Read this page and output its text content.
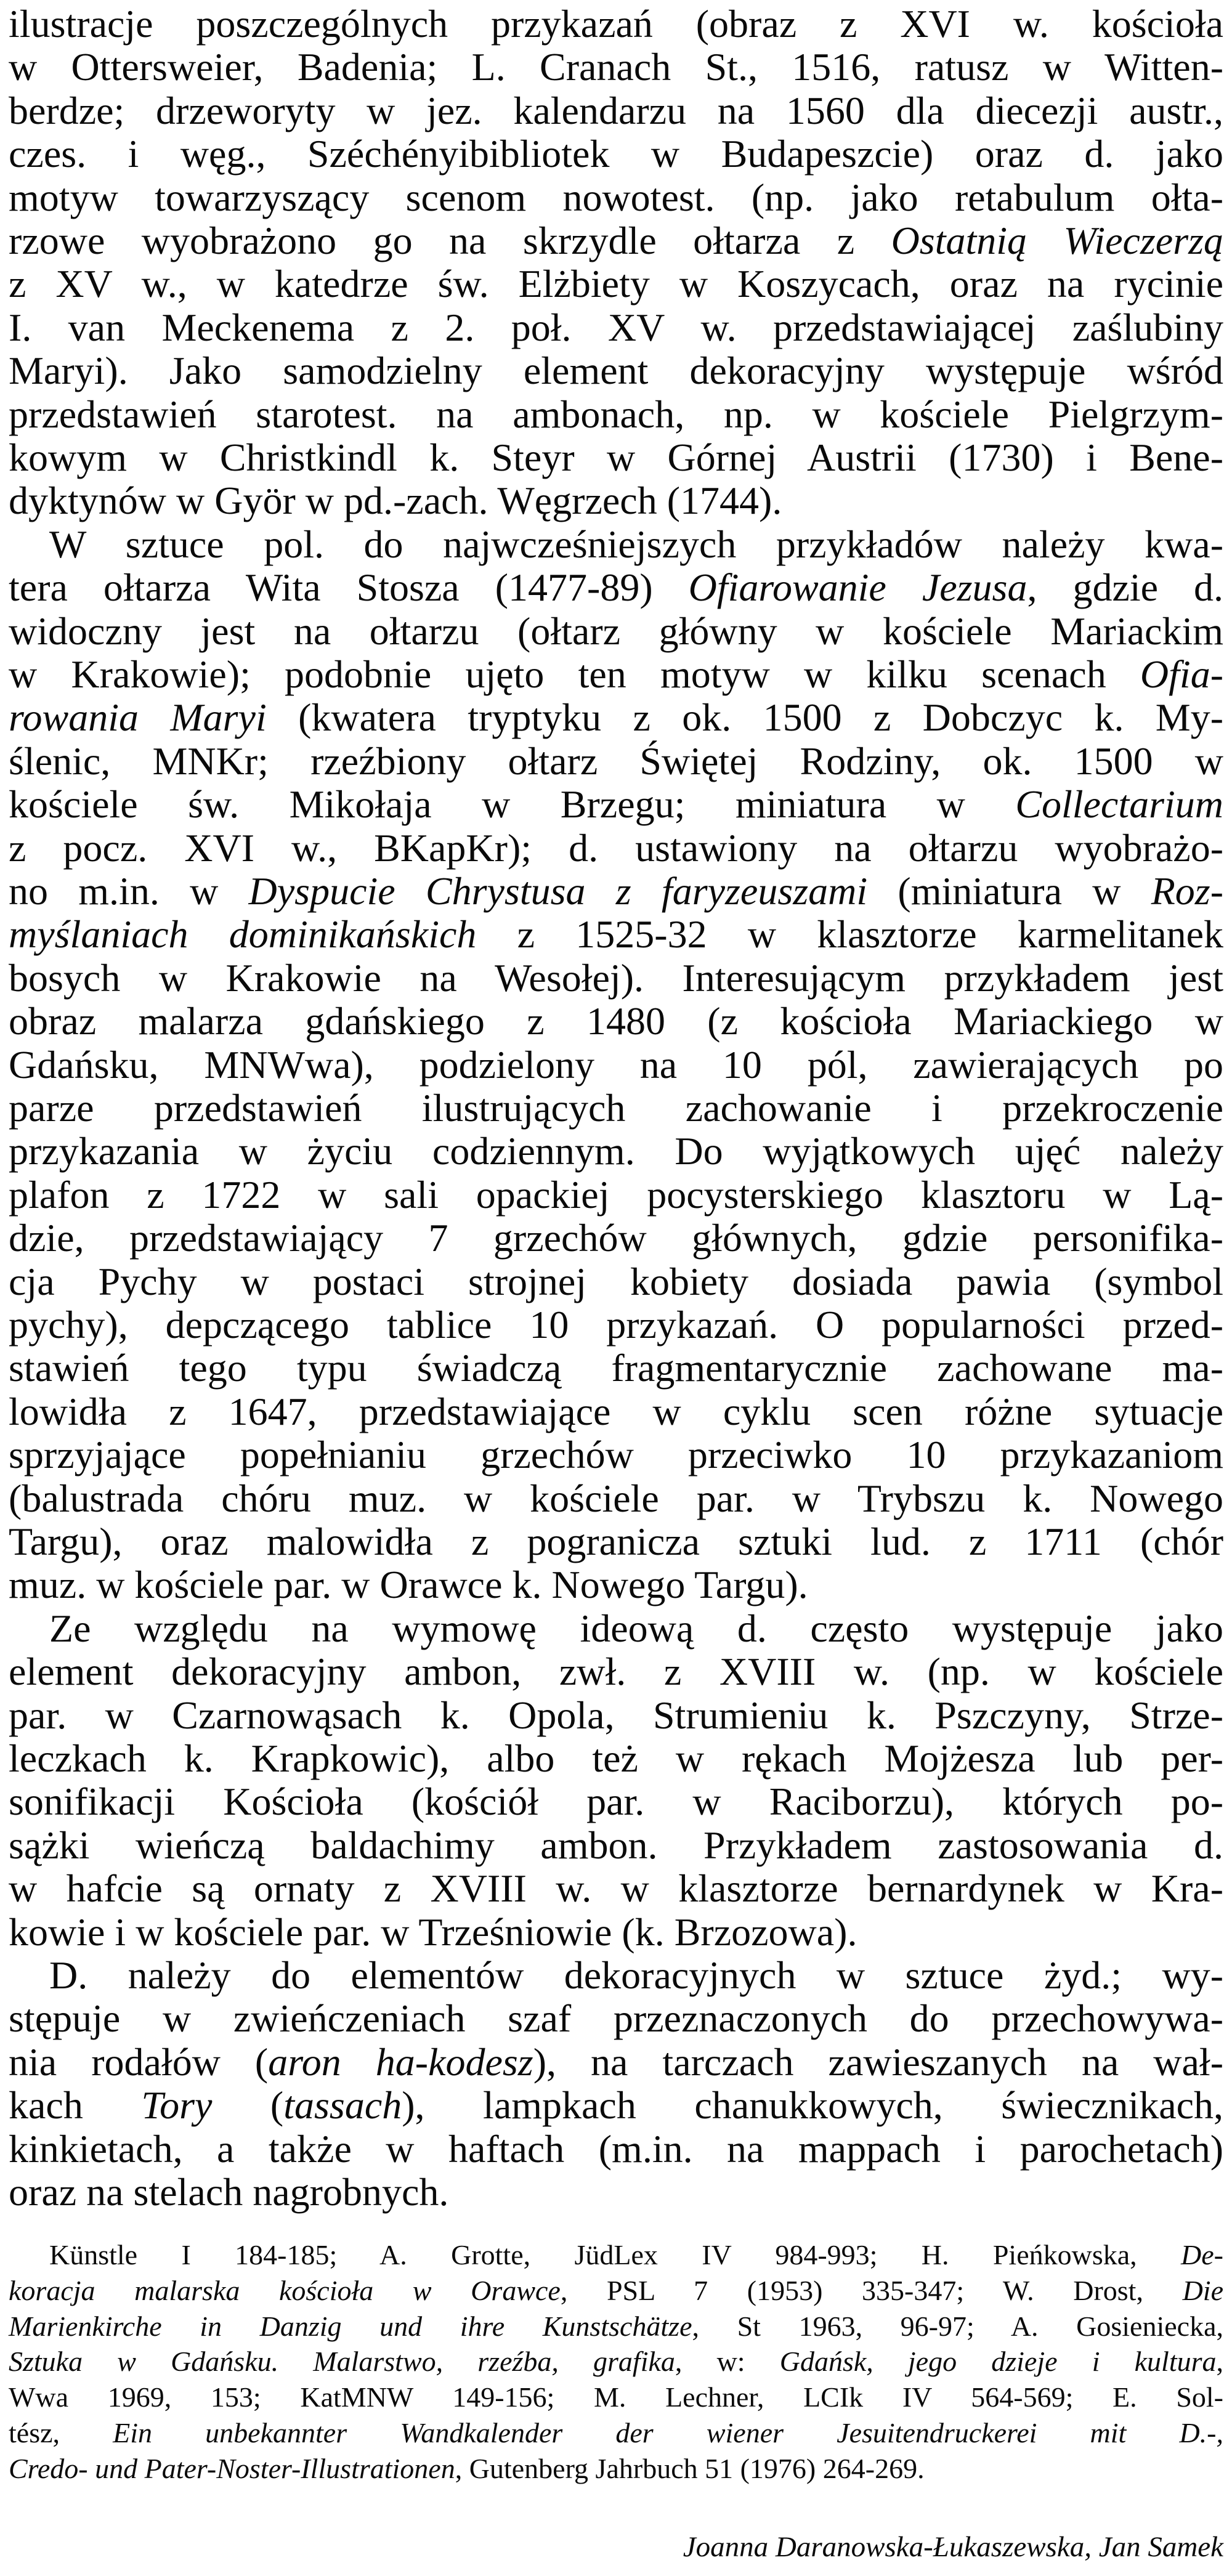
ilustracje poszczególnych przykazań (obraz z XVI w. kościoła

w Ottersweier, Badenia; L. Cranach St., 1516, ratusz w Witten-

berdze; drzeworyty w jez. kalendarzu na 1560 dla diecezji austr.,

czes. i węg., Széchényibibliotek w Budapeszcie) oraz d. jako

motyw towarzyszący scenom nowotest. (np. jako retabulum ołta-

rzowe wyobrażono go na skrzydle ołtarza z Ostatnią Wieczerzą

z XV w., w katedrze św. Elżbiety w Koszycach, oraz na rycinie

I. van Meckenema z 2. poł. XV w. przedstawiającej zaślubiny

Maryi). Jako samodzielny element dekoracyjny występuje wśród

przedstawień starotest. na ambonach, np. w kościele Pielgrzym-

kowym w Christkindl k. Steyr w Górnej Austrii (1730) i Bene-

dyktynów w Györ w pd.-zach. Węgrzech (1744).

W sztuce pol. do najwcześniejszych przykładów należy kwa-

tera ołtarza Wita Stosza (1477-89) Ofiarowanie Jezusa, gdzie d.

widoczny jest na ołtarzu (ołtarz główny w kościele Mariackim

w Krakowie); podobnie ujęto ten motyw w kilku scenach Ofia-

rowania Maryi (kwatera tryptyku z ok. 1500 z Dobczyc k. My-

ślenic, MNKr; rzeźbiony ołtarz Świętej Rodziny, ok. 1500 w

kościele św. Mikołaja w Brzegu; miniatura w Collectarium

z pocz. XVI w., BKapKr); d. ustawiony na ołtarzu wyobrażo-

no m.in. w Dyspucie Chrystusa z faryzeuszami (miniatura w Roz-

myślaniach dominikańskich z 1525-32 w klasztorze karmelitanek

bosych w Krakowie na Wesołej). Interesującym przykładem jest

obraz malarza gdańskiego z 1480 (z kościoła Mariackiego w

Gdańsku, MNWwa), podzielony na 10 pól, zawierających po

parze przedstawień ilustrujących zachowanie i przekroczenie

przykazania w życiu codziennym. Do wyjątkowych ujęć należy

plafon z 1722 w sali opackiej pocysterskiego klasztoru w Lą-

dzie, przedstawiający 7 grzechów głównych, gdzie personifika-

cja Pychy w postaci strojnej kobiety dosiada pawia (symbol

pychy), depczącego tablice 10 przykazań. O popularności przed-

stawień tego typu świadczą fragmentarycznie zachowane ma-

lowidła z 1647, przedstawiające w cyklu scen różne sytuacje

sprzyjające popełnianiu grzechów przeciwko 10 przykazaniom

(balustrada chóru muz. w kościele par. w Trybszu k. Nowego

Targu), oraz malowidła z pogranicza sztuki lud. z 1711 (chór

muz. w kościele par. w Orawce k. Nowego Targu).

Ze względu na wymowę ideową d. często występuje jako

element dekoracyjny ambon, zwł. z XVIII w. (np. w kościele

par. w Czarnowąsach k. Opola, Strumieniu k. Pszczyny, Strze-

leczkach k. Krapkowic), albo też w rękach Mojżesza lub per-

sonifikacji Kościoła (kościół par. w Raciborzu), których po-

sążki wieńczą baldachimy ambon. Przykładem zastosowania d.

w hafcie są ornaty z XVIII w. w klasztorze bernardynek w Kra-

kowie i w kościele par. w Trześniowie (k. Brzozowa).

D. należy do elementów dekoracyjnych w sztuce żyd.; wy-

stępuje w zwieńczeniach szaf przeznaczonych do przechowywa-

nia rodałów (aron ha-kodesz), na tarczach zawieszanych na wał-

kach Tory (tassach), lampkach chanukkowych, świecznikach,

kinkietach, a także w haftach (m.in. na mappach i parochetach)

oraz na stelach nagrobnych.

Künstle I 184-185; A. Grotte, JüdLex IV 984-993; H. Pieńkowska, De-

koracja malarska kościoła w Orawce, PSL 7 (1953) 335-347; W. Drost, Die

Marienkirche in Danzig und ihre Kunstschätze, St 1963, 96-97; A. Gosieniecka,

Sztuka w Gdańsku. Malarstwo, rzeźba, grafika, w: Gdańsk, jego dzieje i kultura,

Wwa 1969, 153; KatMNW 149-156; M. Lechner, LCIk IV 564-569; E. Sol-

tész, Ein unbekannter Wandkalender der wiener Jesuitendruckerei mit D.-,

Credo- und Pater-Noster-Illustrationen, Gutenberg Jahrbuch 51 (1976) 264-269.

Joanna Daranowska-Łukaszewska, Jan Samek
